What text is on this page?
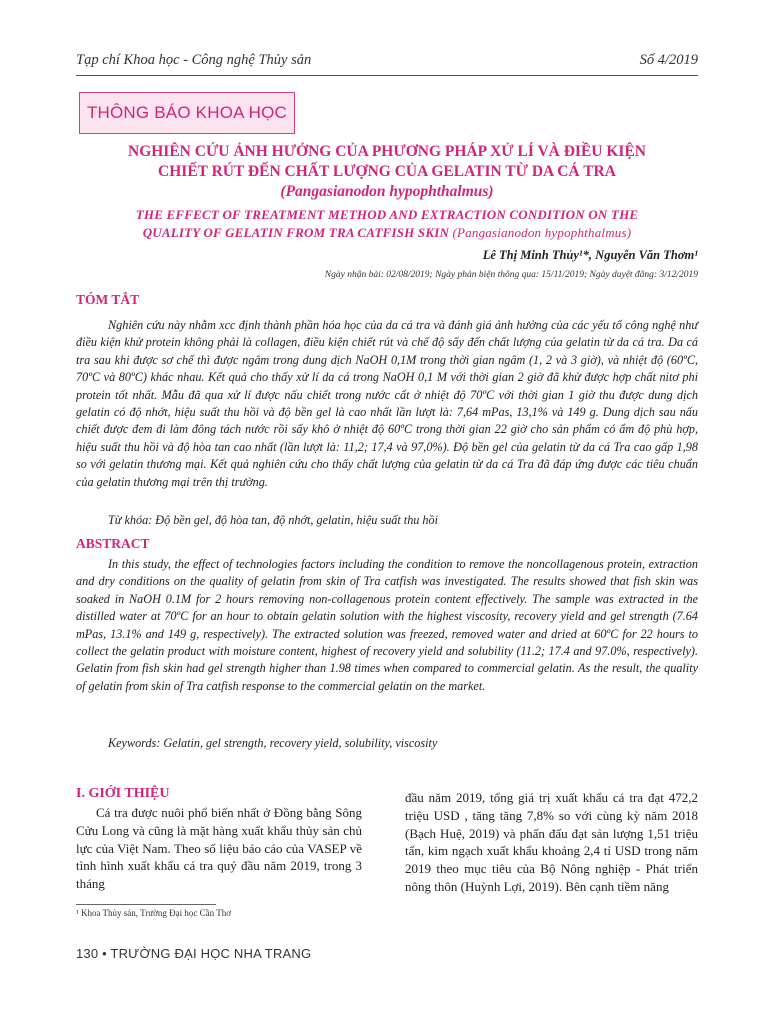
Tạp chí Khoa học - Công nghệ Thủy sản	Số 4/2019
THÔNG BÁO KHOA HỌC
NGHIÊN CỨU ẢNH HƯỞNG CỦA PHƯƠNG PHÁP XỬ LÍ VÀ ĐIỀU KIỆN
CHIẾT RÚT ĐẾN CHẤT LƯỢNG CỦA GELATIN TỪ DA CÁ TRA
(Pangasianodon hypophthalmus)
THE EFFECT OF TREATMENT METHOD AND EXTRACTION CONDITION ON THE
QUALITY OF GELATIN FROM TRA CATFISH SKIN (Pangasianodon hypophthalmus)
Lê Thị Minh Thủy¹*, Nguyễn Văn Thơm¹
Ngày nhận bài: 02/08/2019; Ngày phản biện thông qua: 15/11/2019; Ngày duyệt đăng: 3/12/2019
TÓM TẮT

Nghiên cứu này nhằm xcc định thành phần hóa học của da cá tra và đánh giá ảnh hưởng của các yếu tố công nghệ như điều kiện khử protein không phải là collagen, điều kiện chiết rút và chế độ sấy đến chất lượng của gelatin từ da cá tra. Da cá tra sau khi được sơ chế thì được ngâm trong dung dịch NaOH 0,1M trong thời gian ngâm (1, 2 và 3 giờ), và nhiệt độ (60ºC, 70ºC và 80ºC) khác nhau. Kết quả cho thấy xử lí da cá trong NaOH 0,1 M với thời gian 2 giờ đã khử được hợp chất nitơ phi protein tốt nhất. Mẫu đã qua xử lí được nấu chiết trong nước cất ở nhiệt độ 70ºC với thời gian 1 giờ thu được dung dịch gelatin có độ nhớt, hiệu suất thu hồi và độ bền gel là cao nhất lần lượt là: 7,64 mPas, 13,1% và 149 g. Dung dịch sau nấu chiết được đem đi làm đông tách nước rồi sấy khô ở nhiệt độ 60ºC trong thời gian 22 giờ cho sản phẩm có ẩm độ phù hợp, hiệu suất thu hồi và độ hòa tan cao nhất (lần lượt là: 11,2; 17,4 và 97,0%). Độ bền gel của gelatin từ da cá Tra cao gấp 1,98 so với gelatin thương mại. Kết quả nghiên cứu cho thấy chất lượng của gelatin từ da cá Tra đã đáp ứng được các tiêu chuẩn của gelatin thương mại trên thị trường.

Từ khóa: Độ bền gel, độ hòa tan, độ nhớt, gelatin, hiệu suất thu hồi
ABSTRACT

In this study, the effect of technologies factors including the condition to remove the noncollagenous protein, extraction and dry conditions on the quality of gelatin from skin of Tra catfish was investigated. The results showed that fish skin was soaked in NaOH 0.1M for 2 hours removing non-collagenous protein content effectively. The sample was extracted in the distilled water at 70ºC for an hour to obtain gelatin solution with the highest viscosity, recovery yield and gel strength (7.64 mPas, 13.1% and 149 g, respectively). The extracted solution was freezed, removed water and dried at 60ºC for 22 hours to collect the gelatin product with moisture content, highest of recovery yield and solubility (11.2; 17.4 and 97.0%, respectively). Gelatin from fish skin had gel strength higher than 1.98 times when compared to commercial gelatin. As the result, the quality of gelatin from skin of Tra catfish response to the commercial gelatin on the market.

Keywords: Gelatin, gel strength, recovery yield, solubility, viscosity
I. GIỚI THIỆU

Cá tra được nuôi phổ biến nhất ở Đồng bằng Sông Cửu Long và cũng là mặt hàng xuất khẩu thủy sản chủ lực của Việt Nam. Theo số liệu báo cáo của VASEP về tình hình xuất khẩu cá tra quý đầu năm 2019, trong 3 tháng

đầu năm 2019, tổng giá trị xuất khẩu cá tra đạt 472,2 triệu USD , tăng tăng 7,8% so với cùng kỳ năm 2018 (Bạch Huệ, 2019) và phấn đấu đạt sản lượng 1,51 triệu tấn, kim ngạch xuất khẩu khoảng 2,4 tỉ USD trong năm 2019 theo mục tiêu của Bộ Nông nghiệp - Phát triển nông thôn (Huỳnh Lợi, 2019). Bên cạnh tiềm năng

¹ Khoa Thủy sản, Trường Đại học Cần Thơ
130 • TRƯỜNG ĐẠI HỌC NHA TRANG
